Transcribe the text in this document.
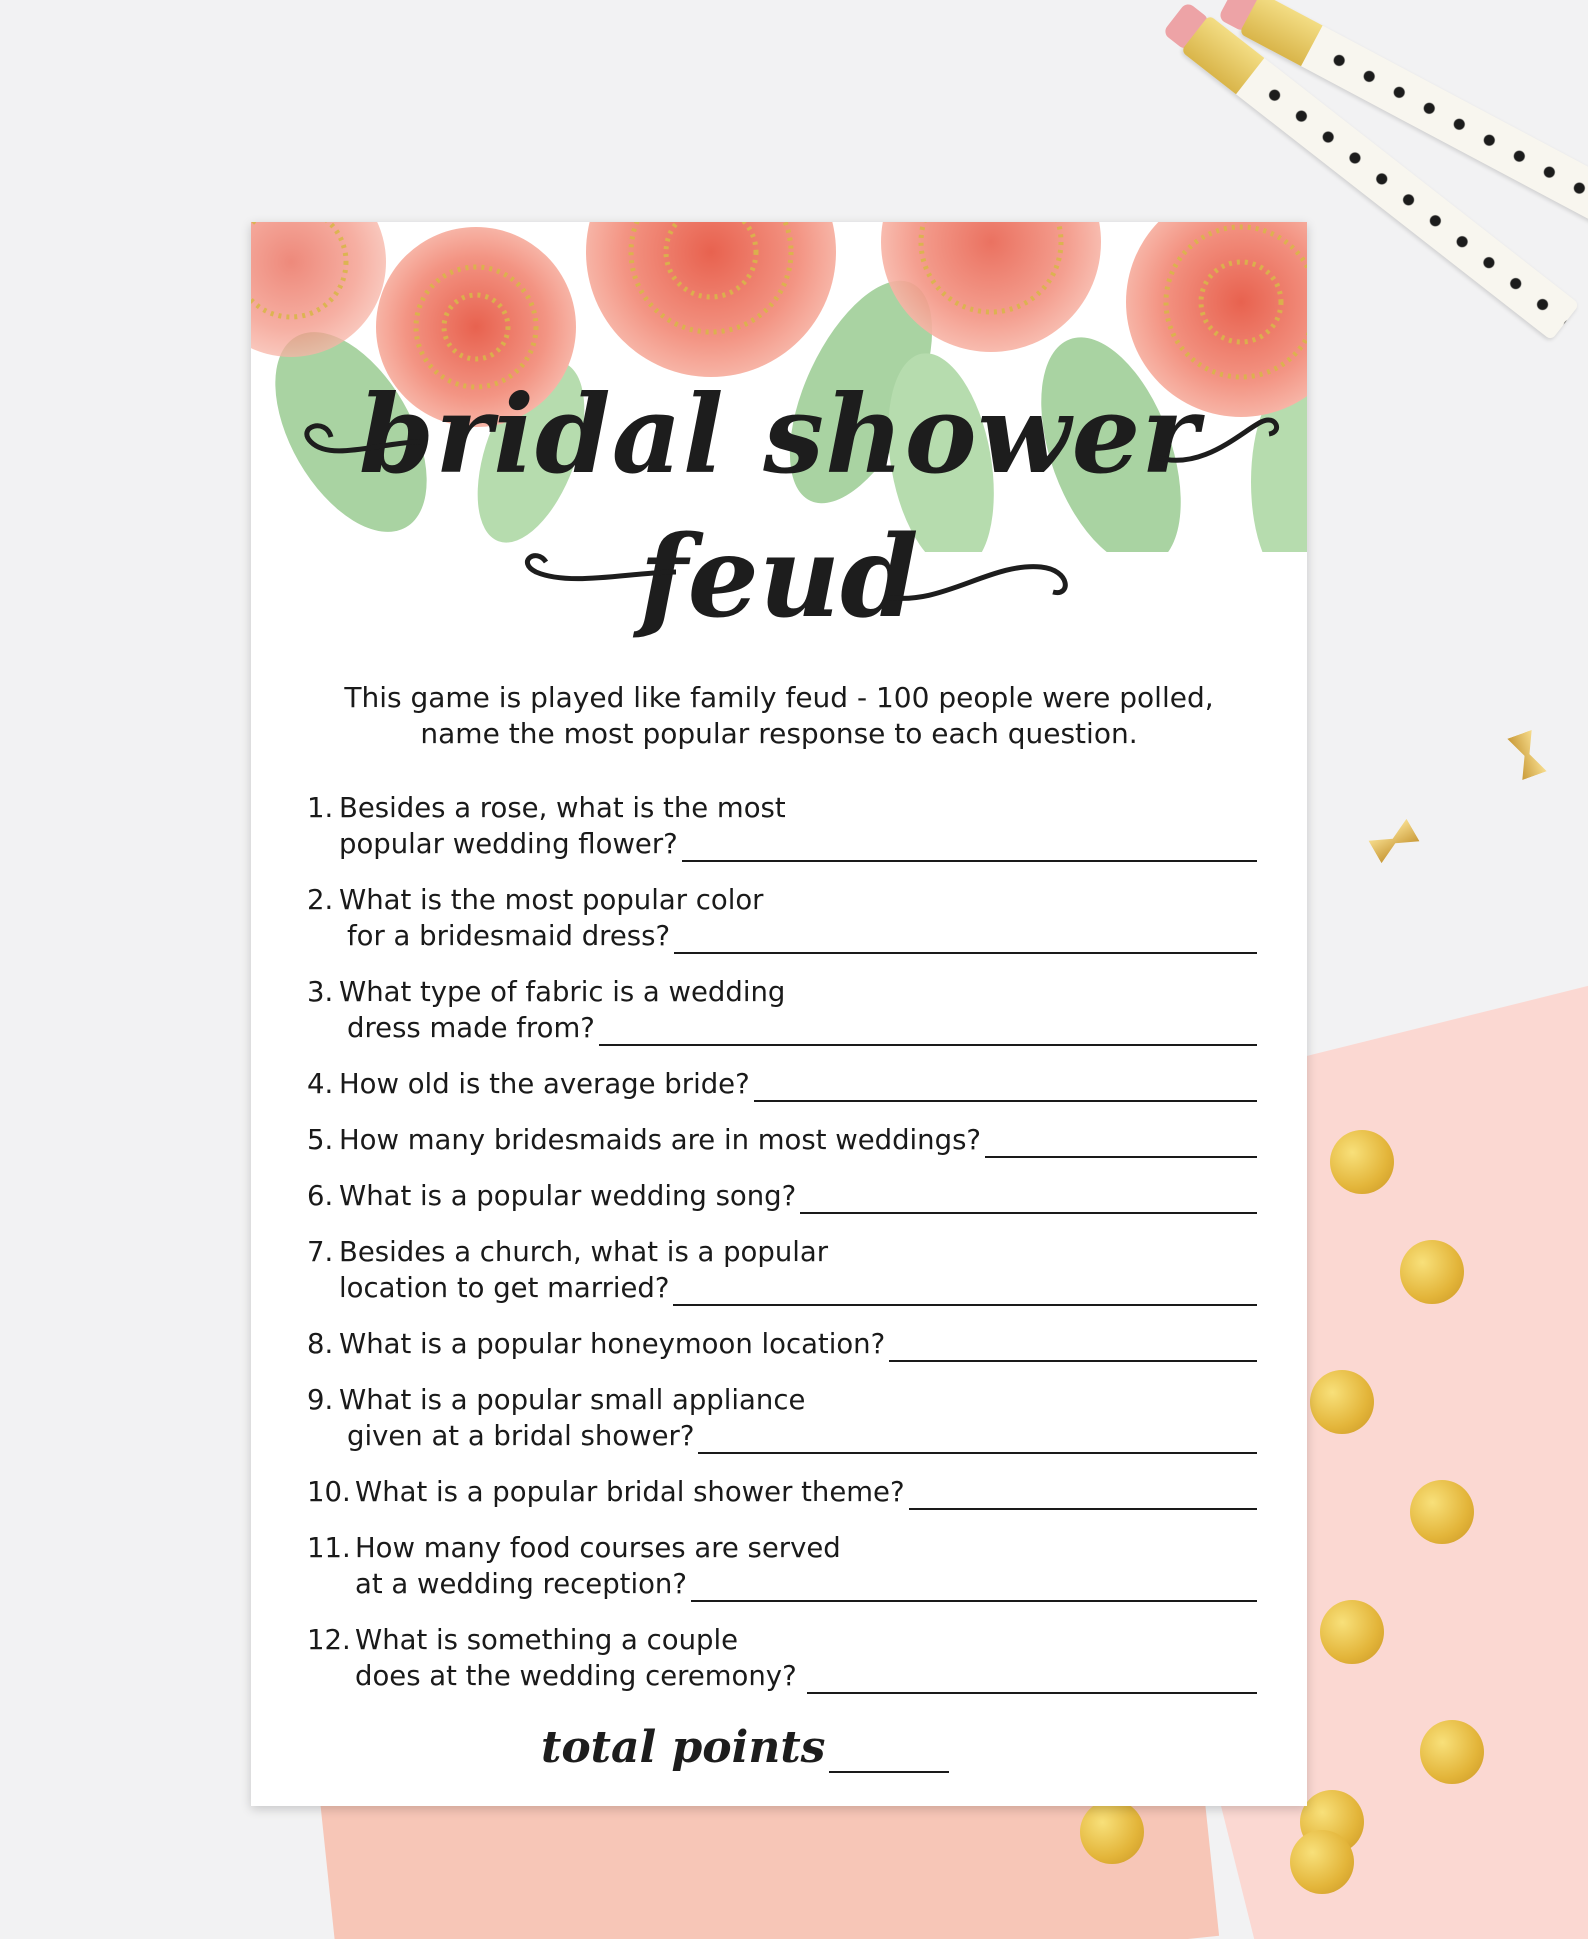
bridal shower
feud
This game is played like family feud - 100 people were polled,
name the most popular response to each question.
1. Besides a rose, what is the most
popular wedding flower?
2. What is the most popular color
for a bridesmaid dress?
3. What type of fabric is a wedding
dress made from?
4. How old is the average bride?
5. How many bridesmaids are in most weddings?
6. What is a popular wedding song?
7. Besides a church, what is a popular
location to get married?
8. What is a popular honeymoon location?
9. What is a popular small appliance
given at a bridal shower?
10. What is a popular bridal shower theme?
11. How many food courses are served
at a wedding reception?
12. What is something a couple
does at the wedding ceremony?
total points
